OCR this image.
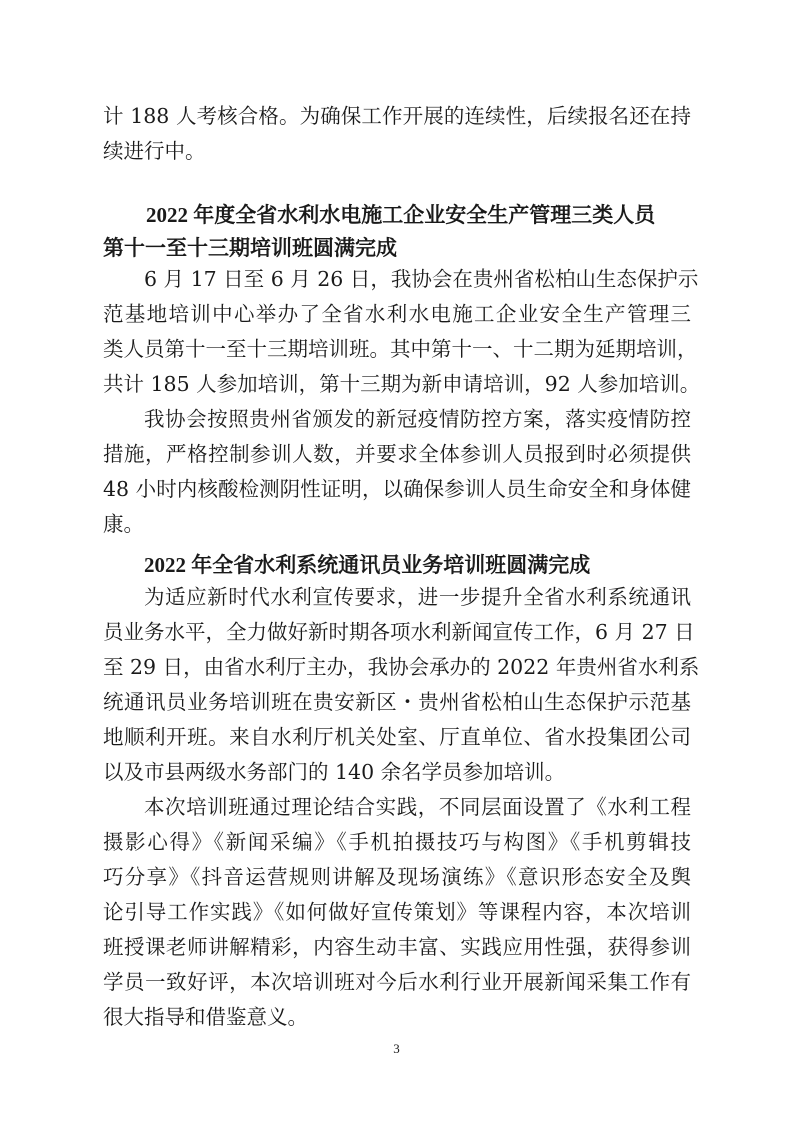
计 188 人考核合格。为确保工作开展的连续性，后续报名还在持
续进行中。
2022 年度全省水利水电施工企业安全生产管理三类人员
第十一至十三期培训班圆满完成
6 月 17 日至 6 月 26 日，我协会在贵州省松柏山生态保护示
范基地培训中心举办了全省水利水电施工企业安全生产管理三
类人员第十一至十三期培训班。其中第十一、十二期为延期培训，
共计 185 人参加培训，第十三期为新申请培训，92 人参加培训。
我协会按照贵州省颁发的新冠疫情防控方案，落实疫情防控
措施，严格控制参训人数，并要求全体参训人员报到时必须提供
48 小时内核酸检测阴性证明，以确保参训人员生命安全和身体健
康。
2022 年全省水利系统通讯员业务培训班圆满完成
为适应新时代水利宣传要求，进一步提升全省水利系统通讯
员业务水平，全力做好新时期各项水利新闻宣传工作，6 月 27 日
至 29 日，由省水利厅主办，我协会承办的 2022 年贵州省水利系
统通讯员业务培训班在贵安新区・贵州省松柏山生态保护示范基
地顺利开班。来自水利厅机关处室、厅直单位、省水投集团公司
以及市县两级水务部门的 140 余名学员参加培训。
本次培训班通过理论结合实践，不同层面设置了《水利工程
摄影心得》《新闻采编》《手机拍摄技巧与构图》《手机剪辑技
巧分享》《抖音运营规则讲解及现场演练》《意识形态安全及舆
论引导工作实践》《如何做好宣传策划》等课程内容，本次培训
班授课老师讲解精彩，内容生动丰富、实践应用性强，获得参训
学员一致好评，本次培训班对今后水利行业开展新闻采集工作有
很大指导和借鉴意义。
3
